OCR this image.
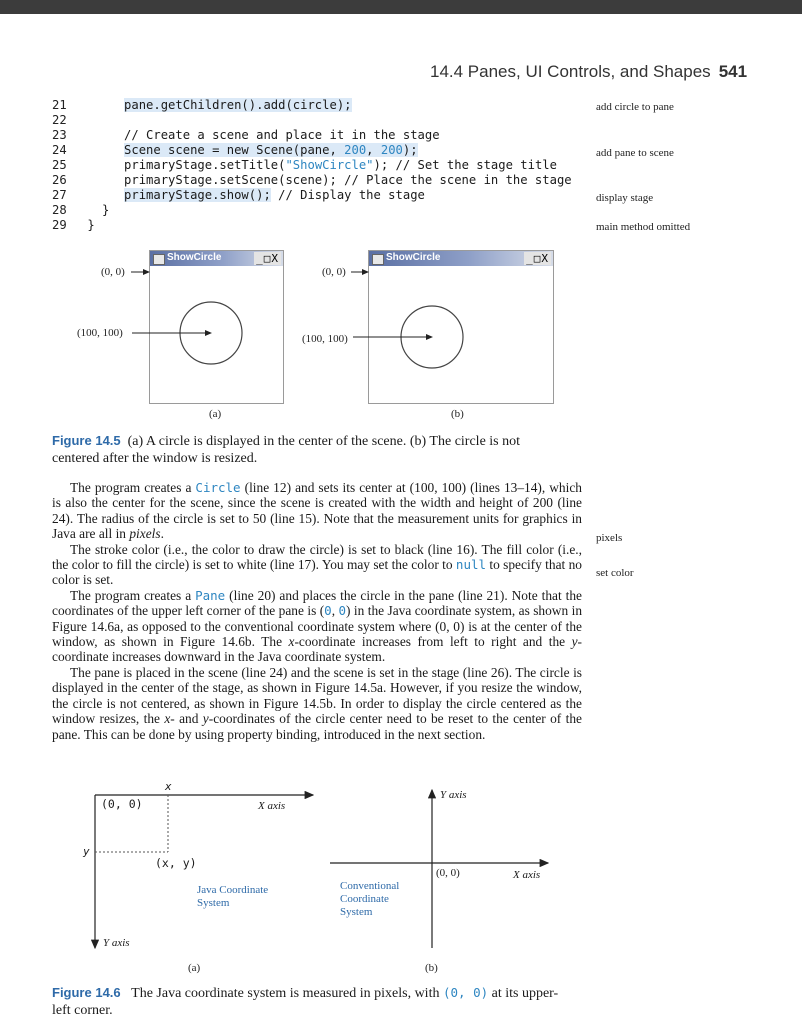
14.4 Panes, UI Controls, and Shapes 541
21	pane.getChildren().add(circle);
22
23	// Create a scene and place it in the stage
24	Scene scene = new Scene(pane, 200, 200);
25	primaryStage.setTitle("ShowCircle"); // Set the stage title
26	primaryStage.setScene(scene); // Place the scene in the stage
27	primaryStage.show(); // Display the stage
28	}
29 }
add circle to pane
add pane to scene
display stage
main method omitted
ShowCircle	_□X	ShowCircle	_□X
(0, 0)
(100, 100)
(0, 0)
(100, 100)
(a)	(b)
Figure 14.5 (a) A circle is displayed in the center of the scene. (b) The circle is not centered after the window is resized.

The program creates a Circle (line 12) and sets its center at (100, 100) (lines 13–14), which is also the center for the scene, since the scene is created with the width and height of 200 (line 24). The radius of the circle is set to 50 (line 15). Note that the measurement units for graphics in Java are all in pixels.

The stroke color (i.e., the color to draw the circle) is set to black (line 16). The fill color (i.e., the color to fill the circle) is set to white (line 17). You may set the color to null to specify that no color is set.

The program creates a Pane (line 20) and places the circle in the pane (line 21). Note that the coordinates of the upper left corner of the pane is (0, 0) in the Java coordinate system, as shown in Figure 14.6a, as opposed to the conventional coordinate system where (0, 0) is at the center of the window, as shown in Figure 14.6b. The x-coordinate increases from left to right and the y-coordinate increases downward in the Java coordinate system.

The pane is placed in the scene (line 24) and the scene is set in the stage (line 26). The circle is displayed in the center of the stage, as shown in Figure 14.5a. However, if you resize the window, the circle is not centered, as shown in Figure 14.5b. In order to display the circle centered as the window resizes, the x- and y-coordinates of the circle center need to be reset to the center of the pane. This can be done by using property binding, introduced in the next section.

pixels
set color
x
(0, 0)	X axis
y
(x, y)
Java Coordinate System
Y axis
Y axis
(0, 0)	X axis
Conventional Coordinate System
(a)	(b)
Figure 14.6 The Java coordinate system is measured in pixels, with (0, 0) at its upper-left corner.
